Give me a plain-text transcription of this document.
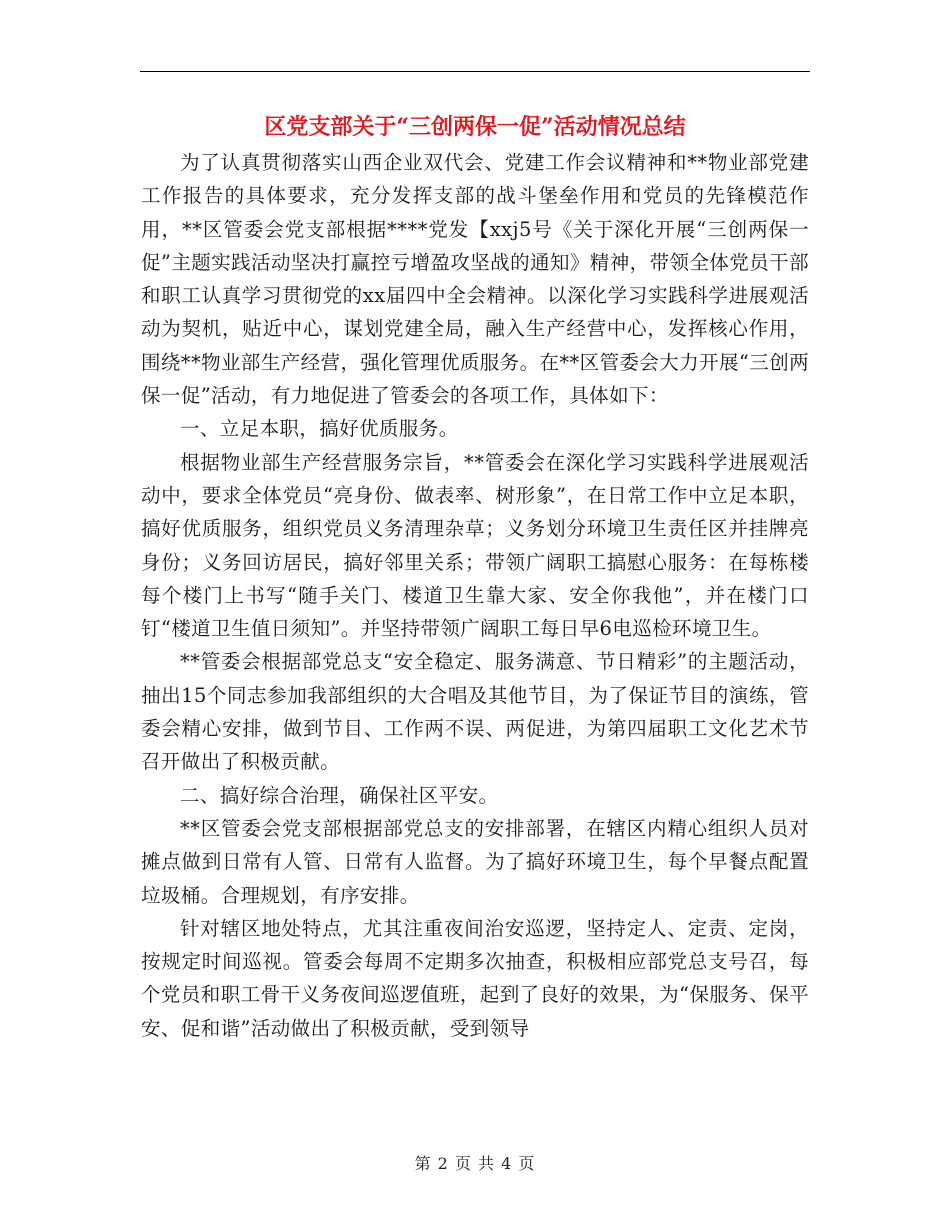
区党支部关于“三创两保一促”活动情况总结

为了认真贯彻落实山西企业双代会、党建工作会议精神和**物业部党建工作报告的具体要求，充分发挥支部的战斗堡垒作用和党员的先锋模范作用，**区管委会党支部根据****党发【xxj5号《关于深化开展“三创两保一促”主题实践活动坚决打赢控亏增盈攻坚战的通知》精神，带领全体党员干部和职工认真学习贯彻党的xx届四中全会精神。以深化学习实践科学进展观活动为契机，贴近中心，谋划党建全局，融入生产经营中心，发挥核心作用，围绕**物业部生产经营，强化管理优质服务。在**区管委会大力开展“三创两保一促”活动，有力地促进了管委会的各项工作，具体如下：

一、立足本职，搞好优质服务。

根据物业部生产经营服务宗旨，**管委会在深化学习实践科学进展观活动中，要求全体党员“亮身份、做表率、树形象”，在日常工作中立足本职，搞好优质服务，组织党员义务清理杂草；义务划分环境卫生责任区并挂牌亮身份；义务回访居民，搞好邻里关系；带领广阔职工搞慰心服务：在每栋楼每个楼门上书写“随手关门、楼道卫生靠大家、安全你我他”，并在楼门口钉“楼道卫生值日须知”。并坚持带领广阔职工每日早6电巡检环境卫生。

**管委会根据部党总支“安全稳定、服务满意、节日精彩”的主题活动，抽出15个同志参加我部组织的大合唱及其他节目，为了保证节目的演练，管委会精心安排，做到节目、工作两不误、两促进，为第四届职工文化艺术节召开做出了积极贡献。

二、搞好综合治理，确保社区平安。

**区管委会党支部根据部党总支的安排部署，在辖区内精心组织人员对摊点做到日常有人管、日常有人监督。为了搞好环境卫生，每个早餐点配置垃圾桶。合理规划，有序安排。

针对辖区地处特点，尤其注重夜间治安巡逻，坚持定人、定责、定岗，按规定时间巡视。管委会每周不定期多次抽查，积极相应部党总支号召，每个党员和职工骨干义务夜间巡逻值班，起到了良好的效果，为“保服务、保平安、促和谐”活动做出了积极贡献，受到领导

第 2 页 共 4 页
